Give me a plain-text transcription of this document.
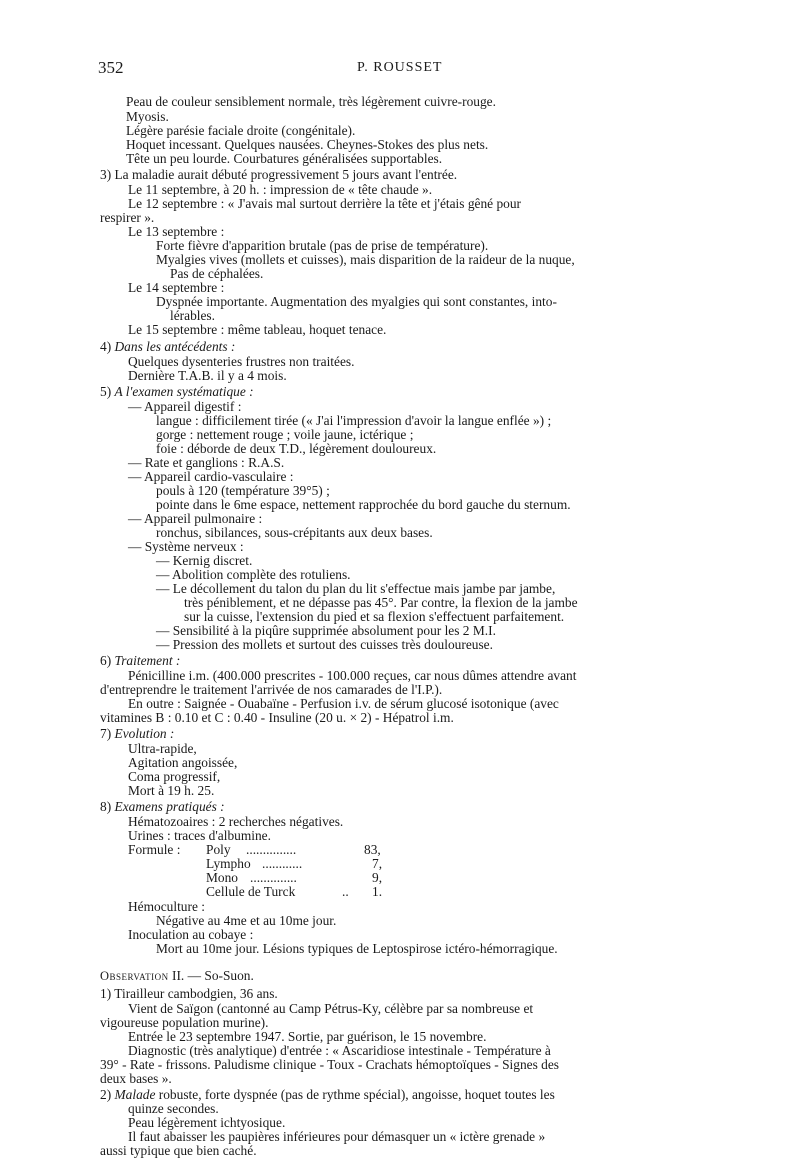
352	P. ROUSSET
Peau de couleur sensiblement normale, très légèrement cuivre-rouge.
Myosis.
Légère parésie faciale droite (congénitale).
Hoquet incessant. Quelques nausées. Cheynes-Stokes des plus nets.
Tête un peu lourde. Courbatures généralisées supportables.
3) La maladie aurait débuté progressivement 5 jours avant l'entrée.
Le 11 septembre, à 20 h. : impression de « tête chaude ».
Le 12 septembre : « J'avais mal surtout derrière la tête et j'étais gêné pour
respirer ».
Le 13 septembre :
Forte fièvre d'apparition brutale (pas de prise de température).
Myalgies vives (mollets et cuisses), mais disparition de la raideur de la nuque,
Pas de céphalées.
Le 14 septembre :
Dyspnée importante. Augmentation des myalgies qui sont constantes, into-
lérables.
Le 15 septembre : même tableau, hoquet tenace.
4) Dans les antécédents :
Quelques dysenteries frustres non traitées.
Dernière T.A.B. il y a 4 mois.
5) A l'examen systématique :
— Appareil digestif :
langue : difficilement tirée (« J'ai l'impression d'avoir la langue enflée ») ;
gorge : nettement rouge ; voile jaune, ictérique ;
foie : déborde de deux T.D., légèrement douloureux.
— Rate et ganglions : R.A.S.
— Appareil cardio-vasculaire :
pouls à 120 (température 39°5) ;
pointe dans le 6me espace, nettement rapprochée du bord gauche du sternum.
— Appareil pulmonaire :
ronchus, sibilances, sous-crépitants aux deux bases.
— Système nerveux :
— Kernig discret.
— Abolition complète des rotuliens.
— Le décollement du talon du plan du lit s'effectue mais jambe par jambe,
très péniblement, et ne dépasse pas 45°. Par contre, la flexion de la jambe
sur la cuisse, l'extension du pied et sa flexion s'effectuent parfaitement.
— Sensibilité à la piqûre supprimée absolument pour les 2 M.I.
— Pression des mollets et surtout des cuisses très douloureuse.
6) Traitement :
Pénicilline i.m. (400.000 prescrites - 100.000 reçues, car nous dûmes attendre avant
d'entreprendre le traitement l'arrivée de nos camarades de l'I.P.).
En outre : Saignée - Ouabaïne - Perfusion i.v. de sérum glucosé isotonique (avec
vitamines B : 0.10 et C : 0.40 - Insuline (20 u. × 2) - Hépatrol i.m.
7) Evolution :
Ultra-rapide,
Agitation angoissée,
Coma progressif,
Mort à 19 h. 25.
8) Examens pratiqués :
Hématozoaires : 2 recherches négatives.
Urines : traces d'albumine.
Formule : Poly ...............	83,
Lympho ............	7,
Mono ..............	9,
Cellule de Turck	.. 1.
Hémoculture :
Négative au 4me et au 10me jour.
Inoculation au cobaye :
Mort au 10me jour. Lésions typiques de Leptospirose ictéro-hémorragique.
Observation II. — So-Suon.
1) Tirailleur cambodgien, 36 ans.
Vient de Saïgon (cantonné au Camp Pétrus-Ky, célèbre par sa nombreuse et
vigoureuse population murine).
Entrée le 23 septembre 1947. Sortie, par guérison, le 15 novembre.
Diagnostic (très analytique) d'entrée : « Ascaridiose intestinale - Température à
39° - Rate - frissons. Paludisme clinique - Toux - Crachats hémoptoïques - Signes des
deux bases ».
2) Malade robuste, forte dyspnée (pas de rythme spécial), angoisse, hoquet toutes les
quinze secondes.
Peau légèrement ichtyosique.
Il faut abaisser les paupières inférieures pour démasquer un « ictère grenade »
aussi typique que bien caché.
